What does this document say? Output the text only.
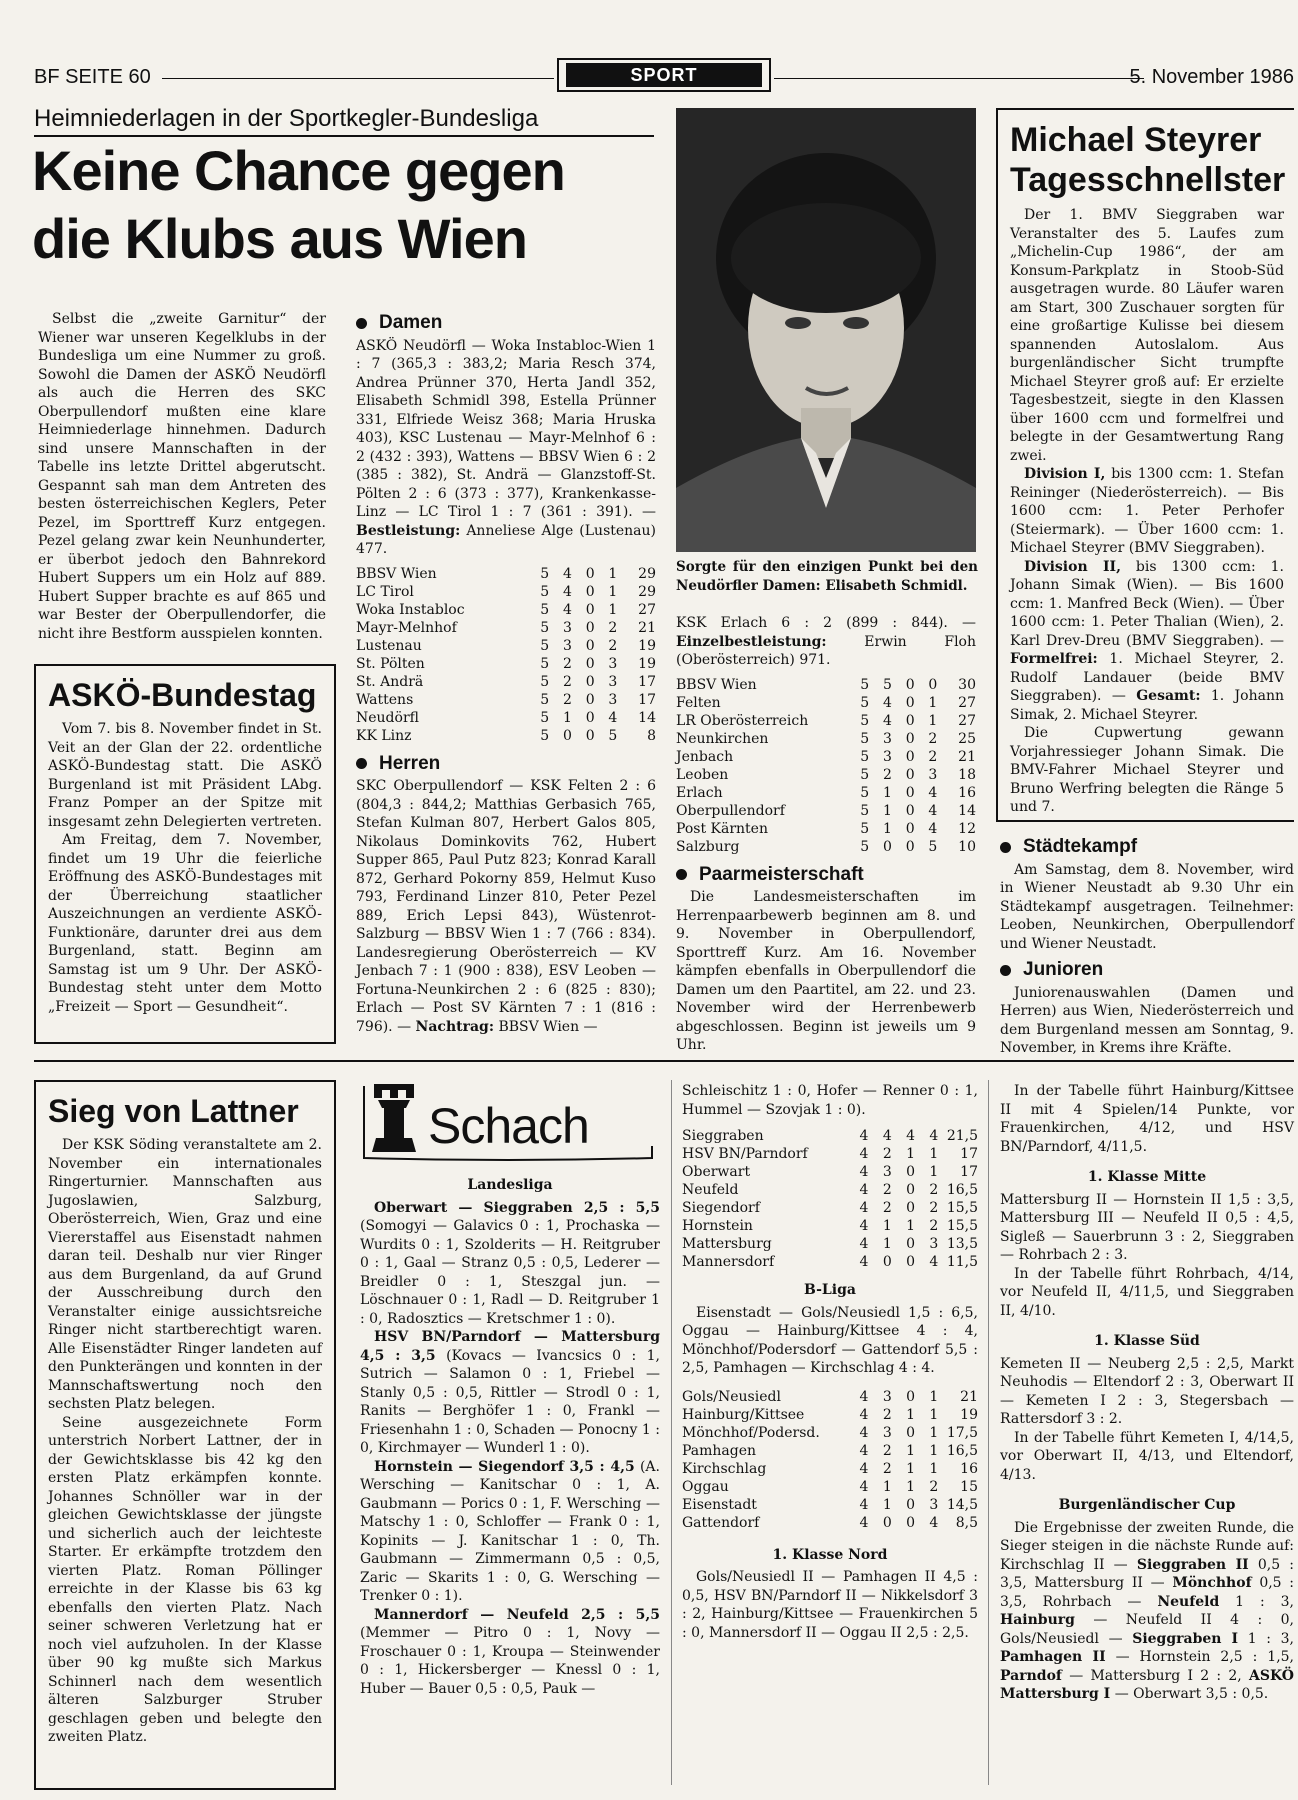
BF SEITE 60	SPORT	5. November 1986
Heimniederlagen in der Sportkegler-Bundesliga
Keine Chance gegen
die Klubs aus Wien

Selbst die „zweite Garnitur“ der Wiener war unseren Kegelklubs in der Bundesliga um eine Nummer zu groß. Sowohl die Damen der ASKÖ Neudörfl als auch die Herren des SKC Oberpullendorf mußten eine klare Heimniederlage hinnehmen. Dadurch sind unsere Mannschaften in der Tabelle ins letzte Drittel abgerutscht. Gespannt sah man dem Antreten des besten österreichischen Keglers, Peter Pezel, im Sporttreff Kurz entgegen. Pezel gelang zwar kein Neunhunderter, er überbot jedoch den Bahnrekord Hubert Suppers um ein Holz auf 889. Hubert Supper brachte es auf 865 und war Bester der Oberpullendorfer, die nicht ihre Bestform ausspielen konnten.

Damen

ASKÖ Neudörfl — Woka Instabloc-Wien 1 : 7 (365,3 : 383,2; Maria Resch 374, Andrea Prünner 370, Herta Jandl 352, Elisabeth Schmidl 398, Estella Prünner 331, Elfriede Weisz 368; Maria Hruska 403), KSC Lustenau — Mayr-Melnhof 6 : 2 (432 : 393), Wattens — BBSV Wien 6 : 2 (385 : 382), St. Andrä — Glanzstoff-St. Pölten 2 : 6 (373 : 377), Krankenkasse-Linz — LC Tirol 1 : 7 (361 : 391). — Bestleistung: Anneliese Alge (Lustenau) 477.

BBSV Wien	5	4	0	1	29
LC Tirol	5	4	0	1	29
Woka Instabloc	5	4	0	1	27
Mayr-Melnhof	5	3	0	2	21
Lustenau	5	3	0	2	19
St. Pölten	5	2	0	3	19
St. Andrä	5	2	0	3	17
Wattens	5	2	0	3	17
Neudörfl	5	1	0	4	14
KK Linz	5	0	0	5	8
Herren

SKC Oberpullendorf — KSK Felten 2 : 6 (804,3 : 844,2; Matthias Gerbasich 765, Stefan Kulman 807, Herbert Galos 805, Nikolaus Dominkovits 762, Hubert Supper 865, Paul Putz 823; Konrad Karall 872, Gerhard Pokorny 859, Helmut Kuso 793, Ferdinand Linzer 810, Peter Pezel 889, Erich Lepsi 843), Wüstenrot-Salzburg — BBSV Wien 1 : 7 (766 : 834). Landesregierung Oberösterreich — KV Jenbach 7 : 1 (900 : 838), ESV Leoben — Fortuna-Neunkirchen 2 : 6 (825 : 830); Erlach — Post SV Kärnten 7 : 1 (816 : 796). — Nachtrag: BBSV Wien —

Sorgte für den einzigen Punkt bei den Neudörfler Damen: Elisabeth Schmidl.

KSK Erlach 6 : 2 (899 : 844). — Einzelbestleistung:	Erwin Floh (Oberösterreich) 971.

BBSV Wien	5	5	0	0	30
Felten	5	4	0	1	27
LR Oberösterreich	5	4	0	1	27
Neunkirchen	5	3	0	2	25
Jenbach	5	3	0	2	21
Leoben	5	2	0	3	18
Erlach	5	1	0	4	16
Oberpullendorf	5	1	0	4	14
Post Kärnten	5	1	0	4	12
Salzburg	5	0	0	5	10
Paarmeisterschaft

Die Landesmeisterschaften im Herrenpaarbewerb beginnen am 8. und 9. November in Oberpullendorf, Sporttreff Kurz. Am 16. November kämpfen ebenfalls in Oberpullendorf die Damen um den Paartitel, am 22. und 23. November wird der Herrenbewerb abgeschlossen. Beginn ist jeweils um 9 Uhr.

ASKÖ-Bundestag

Vom 7. bis 8. November findet in St. Veit an der Glan der 22. ordentliche ASKÖ-Bundestag statt. Die ASKÖ Burgenland ist mit Präsident LAbg. Franz Pomper an der Spitze mit insgesamt zehn Delegierten vertreten.

Am Freitag, dem 7. November, findet um 19 Uhr die feierliche Eröffnung des ASKÖ-Bundestages mit der Überreichung staatlicher Auszeichnungen an verdiente ASKÖ-Funktionäre, darunter drei aus dem Burgenland, statt. Beginn am Samstag ist um 9 Uhr. Der ASKÖ-Bundestag steht unter dem Motto „Freizeit — Sport — Gesundheit“.

Michael Steyrer
Tagesschnellster

Der 1. BMV Sieggraben war Veranstalter des 5. Laufes zum „Michelin-Cup 1986“, der am Konsum-Parkplatz in Stoob-Süd ausgetragen wurde. 80 Läufer waren am Start, 300 Zuschauer sorgten für eine großartige Kulisse bei diesem spannenden Autoslalom. Aus burgenländischer Sicht trumpfte Michael Steyrer groß auf: Er erzielte Tagesbestzeit, siegte in den Klassen über 1600 ccm und formelfrei und belegte in der Gesamtwertung Rang zwei.

Division I, bis 1300 ccm: 1. Stefan Reininger (Niederösterreich). — Bis 1600 ccm: 1. Peter Perhofer (Steiermark). — Über 1600 ccm: 1. Michael Steyrer (BMV Sieggraben).

Division II, bis 1300 ccm: 1. Johann Simak (Wien). — Bis 1600 ccm: 1. Manfred Beck (Wien). — Über 1600 ccm: 1. Peter Thalian (Wien), 2. Karl Drev-Dreu (BMV Sieggraben). — Formelfrei: 1. Michael Steyrer, 2. Rudolf Landauer (beide BMV Sieggraben). — Gesamt: 1. Johann Simak, 2. Michael Steyrer.

Die Cupwertung gewann Vorjahressieger Johann Simak. Die BMV-Fahrer Michael Steyrer und Bruno Werfring belegten die Ränge 5 und 7.

Städtekampf

Am Samstag, dem 8. November, wird in Wiener Neustadt ab 9.30 Uhr ein Städtekampf ausgetragen. Teilnehmer: Leoben, Neunkirchen, Oberpullendorf und Wiener Neustadt.

Junioren

Juniorenauswahlen (Damen und Herren) aus Wien, Niederösterreich und dem Burgenland messen am Sonntag, 9. November, in Krems ihre Kräfte.

Sieg von Lattner

Der KSK Söding veranstaltete am 2. November ein internationales Ringerturnier. Mannschaften aus Jugoslawien, Salzburg, Oberösterreich, Wien, Graz und eine Viererstaffel aus Eisenstadt nahmen daran teil. Deshalb nur vier Ringer aus dem Burgenland, da auf Grund der Ausschreibung durch den Veranstalter einige aussichtsreiche Ringer nicht startberechtigt waren. Alle Eisenstädter Ringer landeten auf den Punkterängen und konnten in der Mannschaftswertung noch den sechsten Platz belegen.

Seine ausgezeichnete Form unterstrich Norbert Lattner, der in der Gewichtsklasse bis 42 kg den ersten Platz erkämpfen konnte. Johannes Schnöller war in der gleichen Gewichtsklasse der jüngste und sicherlich auch der leichteste Starter. Er erkämpfte trotzdem den vierten Platz. Roman Pöllinger erreichte in der Klasse bis 63 kg ebenfalls den vierten Platz. Nach seiner schweren Verletzung hat er noch viel aufzuholen. In der Klasse über 90 kg mußte sich Markus Schinnerl nach dem wesentlich älteren Salzburger Struber geschlagen geben und belegte den zweiten Platz.

Schach
Landesliga

Oberwart — Sieggraben 2,5 : 5,5 (Somogyi — Galavics 0 : 1, Prochaska — Wurdits 0 : 1, Szolderits — H. Reitgruber 0 : 1, Gaal — Stranz 0,5 : 0,5, Lederer — Breidler 0 : 1, Steszgal jun. — Löschnauer 0 : 1, Radl — D. Reitgruber 1 : 0, Radosztics — Kretschmer 1 : 0).

HSV BN/Parndorf — Mattersburg 4,5 : 3,5 (Kovacs — Ivancsics 0 : 1, Sutrich — Salamon 0 : 1, Friebel — Stanly 0,5 : 0,5, Rittler — Strodl 0 : 1, Ranits — Berghöfer 1 : 0, Frankl — Friesenhahn 1 : 0, Schaden — Ponocny 1 : 0, Kirchmayer — Wunderl 1 : 0).

Hornstein — Siegendorf 3,5 : 4,5 (A. Wersching — Kanitschar 0 : 1, A. Gaubmann — Porics 0 : 1, F. Wersching — Matschy 1 : 0, Schloffer — Frank 0 : 1, Kopinits — J. Kanitschar 1 : 0, Th. Gaubmann — Zimmermann 0,5 : 0,5, Zaric — Skarits 1 : 0, G. Wersching — Trenker 0 : 1).

Mannerdorf — Neufeld 2,5 : 5,5 (Memmer — Pitro 0 : 1, Novy — Froschauer 0 : 1, Kroupa — Steinwender 0 : 1, Hickersberger — Knessl 0 : 1, Huber — Bauer 0,5 : 0,5, Pauk —

Schleischitz 1 : 0, Hofer — Renner 0 : 1, Hummel — Szovjak 1 : 0).

Sieggraben	4	4	4	4	21,5
HSV BN/Parndorf	4	2	1	1	17
Oberwart	4	3	0	1	17
Neufeld	4	2	0	2	16,5
Siegendorf	4	2	0	2	15,5
Hornstein	4	1	1	2	15,5
Mattersburg	4	1	0	3	13,5
Mannersdorf	4	0	0	4	11,5
B-Liga

Eisenstadt — Gols/Neusiedl 1,5 : 6,5, Oggau — Hainburg/Kittsee 4 : 4, Mönchhof/Podersdorf — Gattendorf 5,5 : 2,5, Pamhagen — Kirchschlag 4 : 4.

Gols/Neusiedl	4	3	0	1	21
Hainburg/Kittsee	4	2	1	1	19
Mönchhof/Podersd.	4	3	0	1	17,5
Pamhagen	4	2	1	1	16,5
Kirchschlag	4	2	1	1	16
Oggau	4	1	1	2	15
Eisenstadt	4	1	0	3	14,5
Gattendorf	4	0	0	4	8,5
1. Klasse Nord

Gols/Neusiedl II — Pamhagen II 4,5 : 0,5, HSV BN/Parndorf II — Nikkelsdorf 3 : 2, Hainburg/Kittsee — Frauenkirchen 5 : 0, Mannersdorf II — Oggau II 2,5 : 2,5.

In der Tabelle führt Hainburg/Kittsee II mit 4 Spielen/14 Punkte, vor Frauenkirchen, 4/12, und HSV BN/Parndorf, 4/11,5.

1. Klasse Mitte

Mattersburg II — Hornstein II 1,5 : 3,5, Mattersburg III — Neufeld II 0,5 : 4,5, Sigleß — Sauerbrunn 3 : 2, Sieggraben — Rohrbach 2 : 3.

In der Tabelle führt Rohrbach, 4/14, vor Neufeld II, 4/11,5, und Sieggraben II, 4/10.

1. Klasse Süd

Kemeten II — Neuberg 2,5 : 2,5, Markt Neuhodis — Eltendorf 2 : 3, Oberwart II — Kemeten I 2 : 3, Stegersbach — Rattersdorf 3 : 2.

In der Tabelle führt Kemeten I, 4/14,5, vor Oberwart II, 4/13, und Eltendorf, 4/13.

Burgenländischer Cup

Die Ergebnisse der zweiten Runde, die Sieger steigen in die nächste Runde auf: Kirchschlag II — Sieggraben II 0,5 : 3,5, Mattersburg II — Mönchhof 0,5 : 3,5, Rohrbach — Neufeld 1 : 3, Hainburg — Neufeld II 4 : 0, Gols/Neusiedl — Sieggraben I 1 : 3, Pamhagen II — Hornstein 2,5 : 1,5, Parndof — Mattersburg I 2 : 2, ASKÖ Mattersburg I — Oberwart 3,5 : 0,5.
